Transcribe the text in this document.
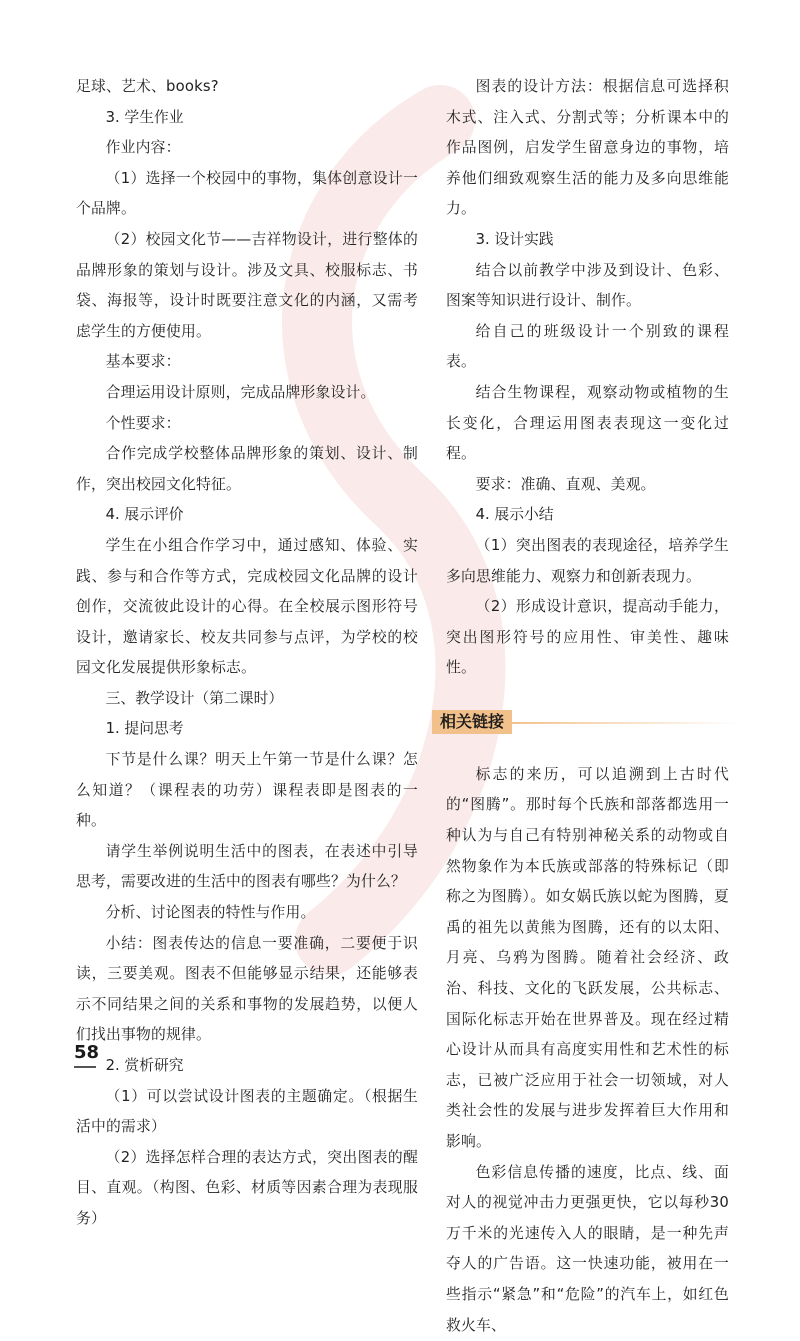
足球、艺术、books?

3. 学生作业

作业内容：

（1）选择一个校园中的事物，集体创意设计一个品牌。

（2）校园文化节——吉祥物设计，进行整体的品牌形象的策划与设计。涉及文具、校服标志、书袋、海报等，设计时既要注意文化的内涵，又需考虑学生的方便使用。

基本要求：

合理运用设计原则，完成品牌形象设计。

个性要求：

合作完成学校整体品牌形象的策划、设计、制作，突出校园文化特征。

4. 展示评价

学生在小组合作学习中，通过感知、体验、实践、参与和合作等方式，完成校园文化品牌的设计创作，交流彼此设计的心得。在全校展示图形符号设计，邀请家长、校友共同参与点评，为学校的校园文化发展提供形象标志。

三、教学设计（第二课时）

1. 提问思考

下节是什么课？明天上午第一节是什么课？怎么知道？（课程表的功劳）课程表即是图表的一种。

请学生举例说明生活中的图表，在表述中引导思考，需要改进的生活中的图表有哪些？为什么？

分析、讨论图表的特性与作用。

小结：图表传达的信息一要准确，二要便于识读，三要美观。图表不但能够显示结果，还能够表示不同结果之间的关系和事物的发展趋势，以便人们找出事物的规律。

2. 赏析研究

（1）可以尝试设计图表的主题确定。（根据生活中的需求）

（2）选择怎样合理的表达方式，突出图表的醒目、直观。（构图、色彩、材质等因素合理为表现服务）

图表的设计方法：根据信息可选择积木式、注入式、分割式等；分析课本中的作品图例，启发学生留意身边的事物，培养他们细致观察生活的能力及多向思维能力。

3. 设计实践

结合以前教学中涉及到设计、色彩、图案等知识进行设计、制作。

给自己的班级设计一个别致的课程表。

结合生物课程，观察动物或植物的生长变化，合理运用图表表现这一变化过程。

要求：准确、直观、美观。

4. 展示小结

（1）突出图表的表现途径，培养学生多向思维能力、观察力和创新表现力。

（2）形成设计意识，提高动手能力，突出图形符号的应用性、审美性、趣味性。

相关链接

标志的来历，可以追溯到上古时代的“图腾”。那时每个氏族和部落都选用一种认为与自己有特别神秘关系的动物或自然物象作为本氏族或部落的特殊标记（即称之为图腾）。如女娲氏族以蛇为图腾，夏禹的祖先以黄熊为图腾，还有的以太阳、月亮、乌鸦为图腾。随着社会经济、政治、科技、文化的飞跃发展，公共标志、国际化标志开始在世界普及。现在经过精心设计从而具有高度实用性和艺术性的标志，已被广泛应用于社会一切领域，对人类社会性的发展与进步发挥着巨大作用和影响。

色彩信息传播的速度，比点、线、面对人的视觉冲击力更强更快，它以每秒30万千米的光速传入人的眼睛，是一种先声夺人的广告语。这一快速功能，被用在一些指示“紧急”和“危险”的汽车上，如红色救火车、

58
